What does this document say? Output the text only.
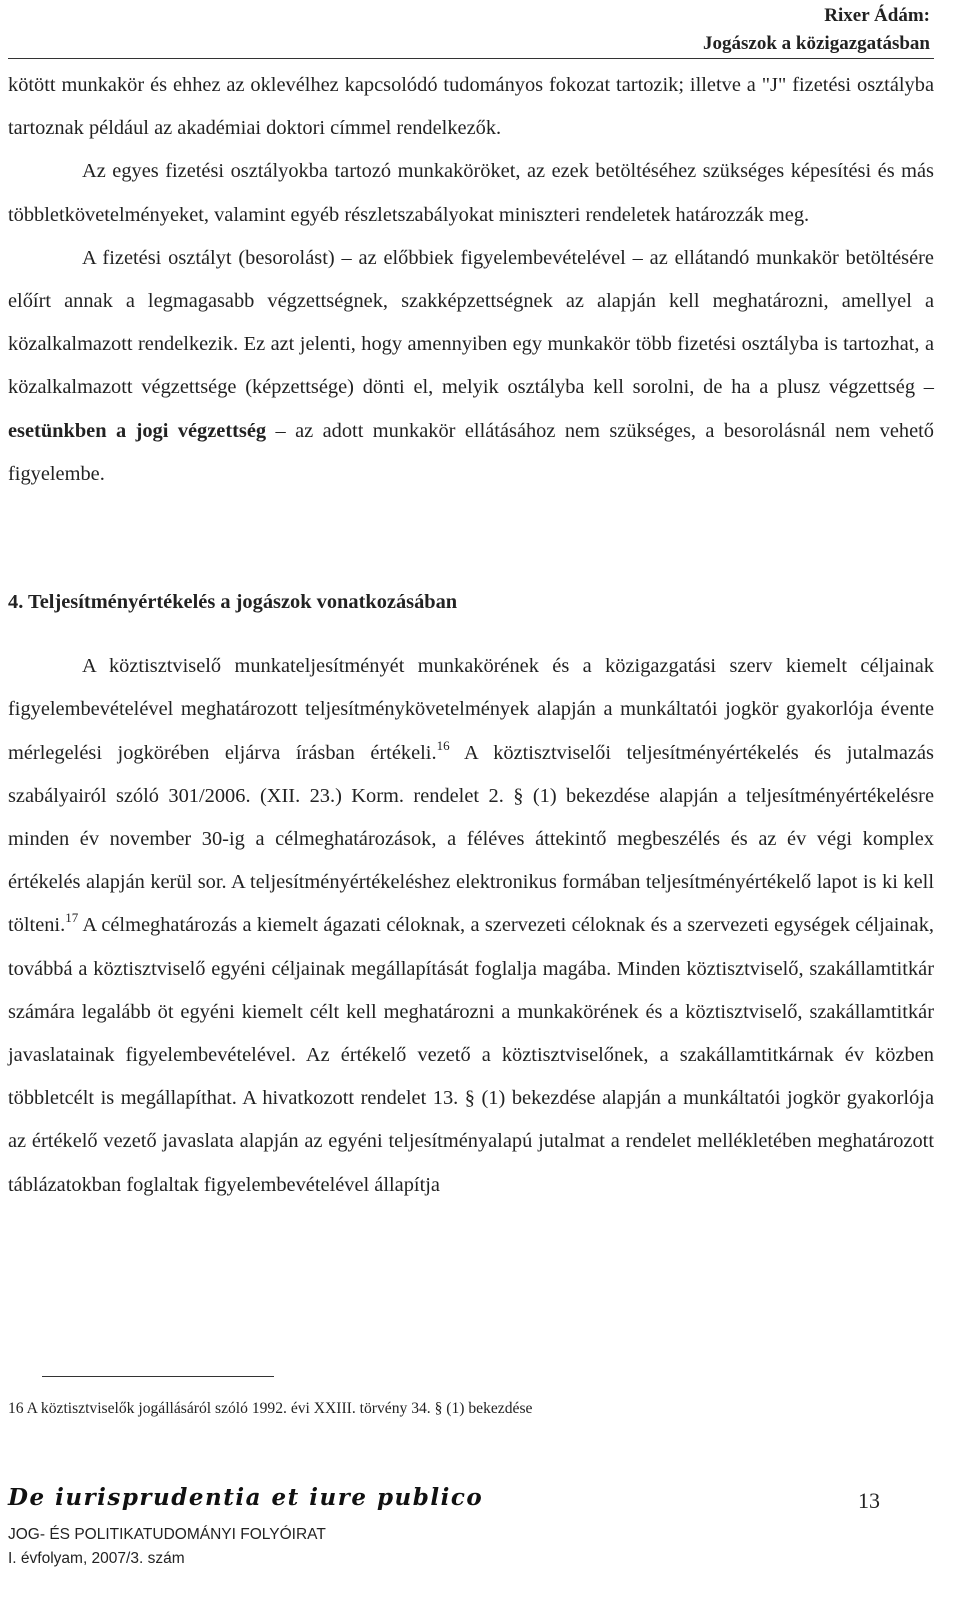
Rixer Ádám:
Jogászok a közigazgatásban

kötött munkakör és ehhez az oklevélhez kapcsolódó tudományos fokozat tartozik; illetve a "J" fizetési osztályba tartoznak például az akadémiai doktori címmel rendelkezők.

Az egyes fizetési osztályokba tartozó munkaköröket, az ezek betöltéséhez szükséges képesítési és más többletkövetelményeket, valamint egyéb részletszabályokat miniszteri rendeletek határozzák meg.

A fizetési osztályt (besorolást) – az előbbiek figyelembevételével – az ellátandó munkakör betöltésére előírt annak a legmagasabb végzettségnek, szakképzettségnek az alapján kell meghatározni, amellyel a közalkalmazott rendelkezik. Ez azt jelenti, hogy amennyiben egy munkakör több fizetési osztályba is tartozhat, a közalkalmazott végzettsége (képzettsége) dönti el, melyik osztályba kell sorolni, de ha a plusz végzettség – esetünkben a jogi végzettség – az adott munkakör ellátásához nem szükséges, a besorolásnál nem vehető figyelembe.

4. Teljesítményértékelés a jogászok vonatkozásában

A köztisztviselő munkateljesítményét munkakörének és a közigazgatási szerv kiemelt céljainak figyelembevételével meghatározott teljesítménykövetelmények alapján a munkáltatói jogkör gyakorlója évente mérlegelési jogkörében eljárva írásban értékeli.$^{16}$ A köztisztviselői teljesítményértékelés és jutalmazás szabályairól szóló 301/2006. (XII. 23.) Korm. rendelet 2. § (1) bekezdése alapján a teljesítményértékelésre minden év november 30-ig a célmeghatározások, a féléves áttekintő megbeszélés és az év végi komplex értékelés alapján kerül sor. A teljesítményértékeléshez elektronikus formában teljesítményértékelő lapot is ki kell tölteni.$^{17}$ A célmeghatározás a kiemelt ágazati céloknak, a szervezeti céloknak és a szervezeti egységek céljainak, továbbá a köztisztviselő egyéni céljainak megállapítását foglalja magába. Minden köztisztviselő, szakállamtitkár számára legalább öt egyéni kiemelt célt kell meghatározni a munkakörének és a köztisztviselő, szakállamtitkár javaslatainak figyelembevételével. Az értékelő vezető a köztisztviselőnek, a szakállamtitkárnak év közben többletcélt is megállapíthat. A hivatkozott rendelet 13. § (1) bekezdése alapján a munkáltatói jogkör gyakorlója az értékelő vezető javaslata alapján az egyéni teljesítményalapú jutalmat a rendelet mellékletében meghatározott táblázatokban foglaltak figyelembevételével állapítja

16 A köztisztviselők jogállásáról szóló 1992. évi XXIII. törvény 34. § (1) bekezdése
De iurisprudentia et iure publico	13
JOG- ÉS POLITIKATUDOMÁNYI FOLYÓIRAT
I. évfolyam, 2007/3. szám
